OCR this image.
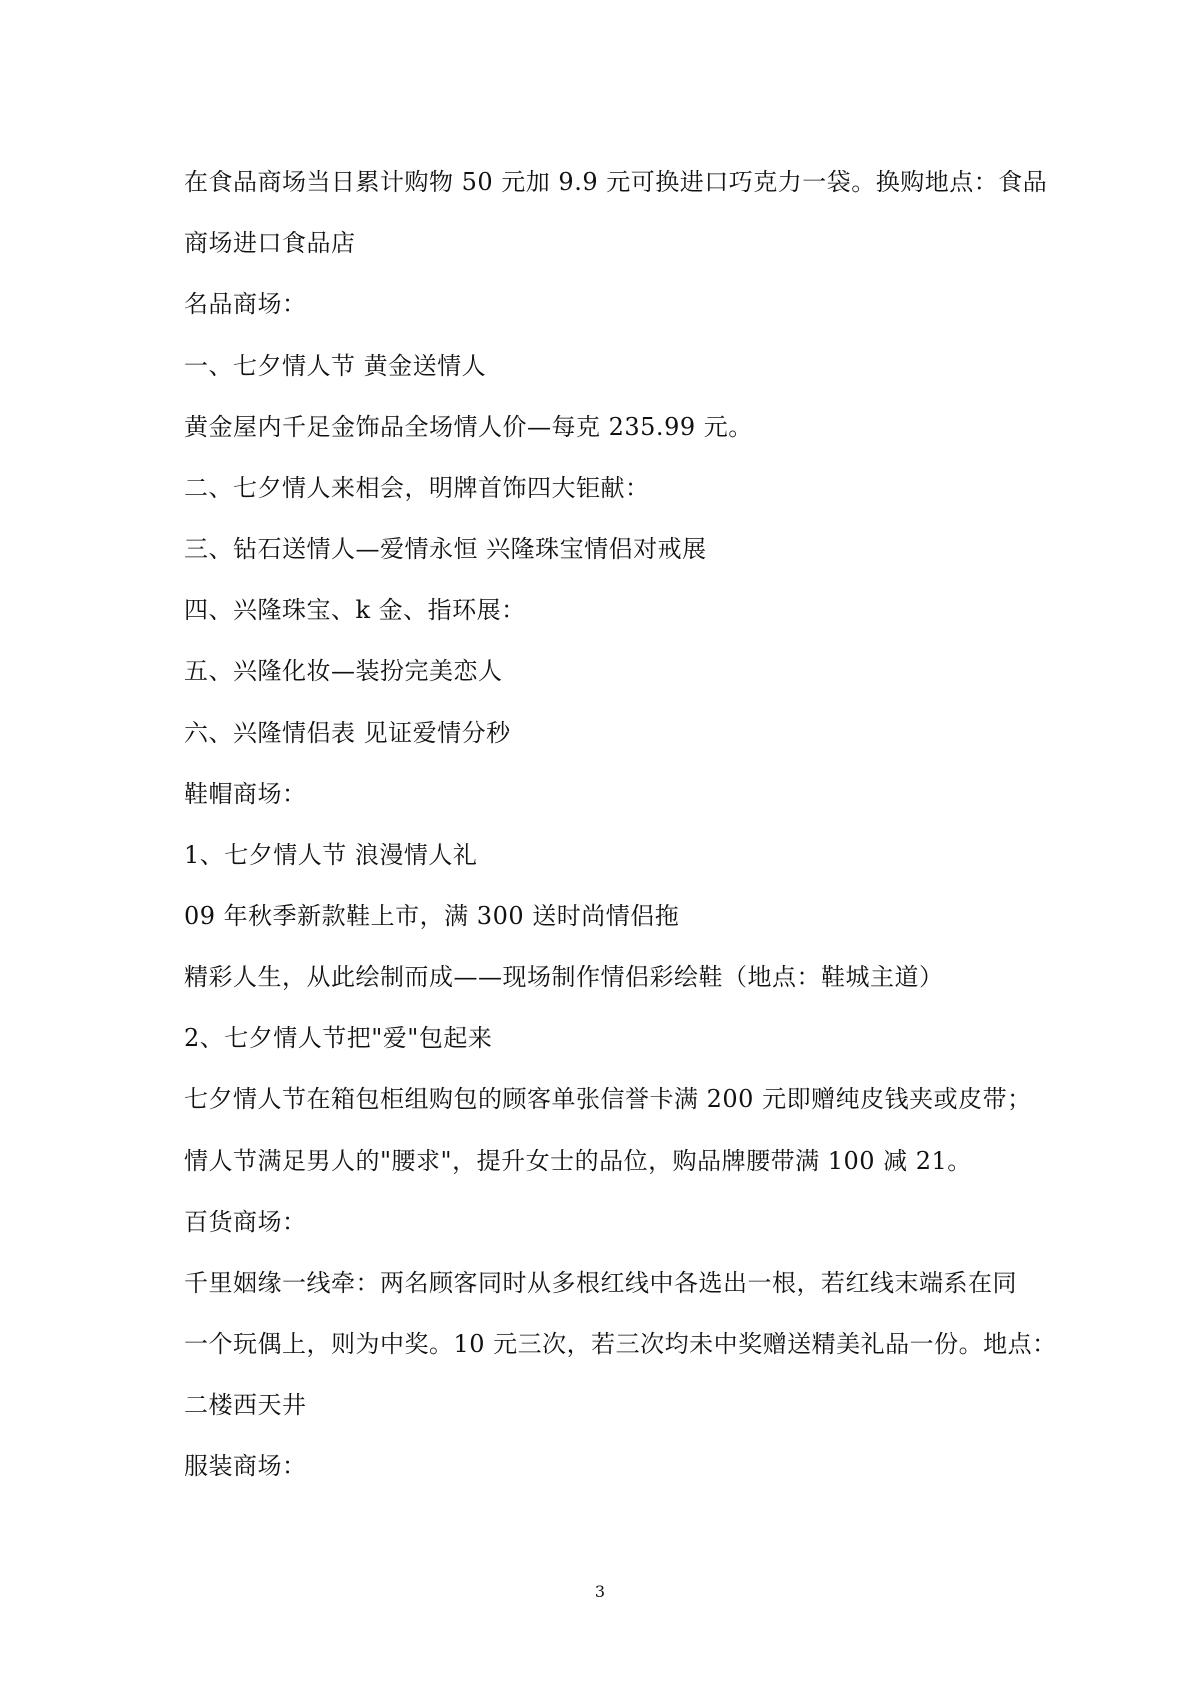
在食品商场当日累计购物 50 元加 9.9 元可换进口巧克力一袋。换购地点：食品
商场进口食品店
名品商场：
一、七夕情人节 黄金送情人
黄金屋内千足金饰品全场情人价—每克 235.99 元。
二、七夕情人来相会，明牌首饰四大钜献：
三、钻石送情人—爱情永恒 兴隆珠宝情侣对戒展
四、兴隆珠宝、k 金、指环展：
五、兴隆化妆—装扮完美恋人
六、兴隆情侣表 见证爱情分秒
鞋帽商场：
1、七夕情人节 浪漫情人礼
09 年秋季新款鞋上市，满 300 送时尚情侣拖
精彩人生，从此绘制而成——现场制作情侣彩绘鞋（地点：鞋城主道）
2、七夕情人节把"爱"包起来
七夕情人节在箱包柜组购包的顾客单张信誉卡满 200 元即赠纯皮钱夹或皮带；
情人节满足男人的"腰求"，提升女士的品位，购品牌腰带满 100 减 21。
百货商场：
千里姻缘一线牵：两名顾客同时从多根红线中各选出一根，若红线末端系在同
一个玩偶上，则为中奖。10 元三次，若三次均未中奖赠送精美礼品一份。地点：
二楼西天井
服装商场：
3
